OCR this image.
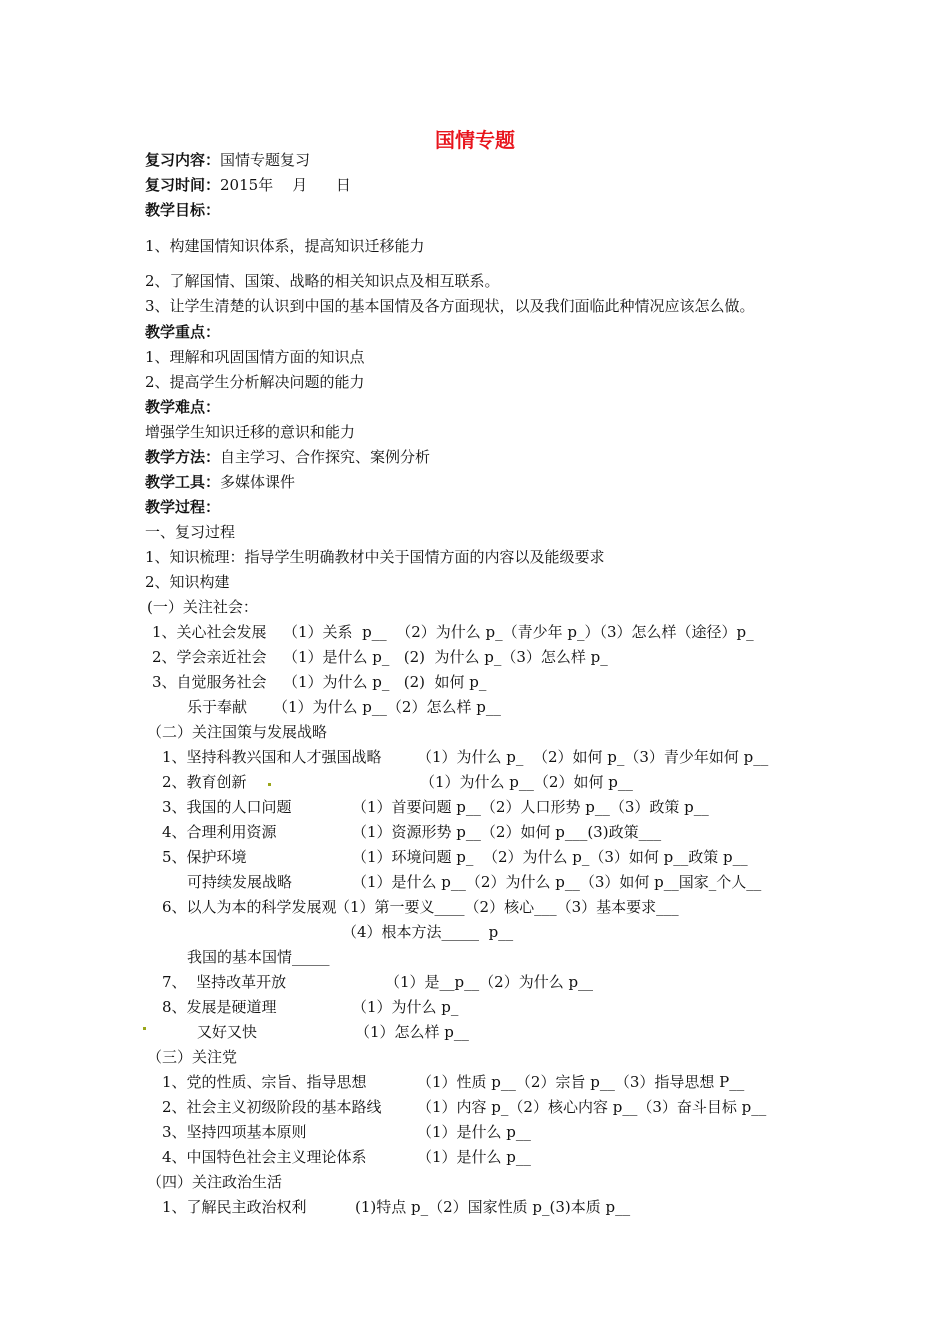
国情专题
复习内容：国情专题复习
复习时间：2015年    月      日
教学目标：
1、构建国情知识体系，提高知识迁移能力
2、了解国情、国策、战略的相关知识点及相互联系。
3、让学生清楚的认识到中国的基本国情及各方面现状，以及我们面临此种情况应该怎么做。
教学重点：
1、理解和巩固国情方面的知识点
2、提高学生分析解决问题的能力
教学难点：
增强学生知识迁移的意识和能力
教学方法：自主学习、合作探究、案例分析
教学工具：多媒体课件
教学过程：
一、复习过程
1、知识梳理：指导学生明确教材中关于国情方面的内容以及能级要求
2、知识构建
(一）关注社会：
1、关心社会发展 （1）关系  p__  （2）为什么 p_（青少年 p_）（3）怎么样（途径）p_
2、学会亲近社会 （1）是什么 p_   (2)  为什么 p_（3）怎么样 p_
3、自觉服务社会 （1）为什么 p_   (2)  如何 p_
乐于奉献 （1）为什么 p__（2）怎么样 p__
（二）关注国策与发展战略
1、坚持科教兴国和人才强国战略 （1）为什么 p_  （2）如何 p_（3）青少年如何 p__
2、教育创新	（1）为什么 p__（2）如何 p__
3、我国的人口问题	（1）首要问题 p__（2）人口形势 p__（3）政策 p__
4、合理利用资源	（1）资源形势 p__（2）如何 p___(3)政策___
5、保护环境	（1）环境问题 p_  （2）为什么 p_（3）如何 p__政策 p__
可持续发展战略	（1）是什么 p__（2）为什么 p__（3）如何 p__国家_个人__
6、以人为本的科学发展观
（1）第一要义____（2）核心___（3）基本要求___
（4）根本方法_____  p__
我国的基本国情_____
7、  坚持改革开放	（1）是__p__（2）为什么 p__
8、发展是硬道理	（1）为什么 p_
又好又快	（1）怎么样 p__
（三）关注党
1、党的性质、宗旨、指导思想	（1）性质 p__（2）宗旨 p__（3）指导思想 P__
2、社会主义初级阶段的基本路线 （1）内容 p_（2）核心内容 p__（3）奋斗目标 p__
3、坚持四项基本原则	（1）是什么 p__
4、中国特色社会主义理论体系	（1）是什么 p__
（四）关注政治生活
1、了解民主政治权利	(1)特点 p_（2）国家性质 p_(3)本质 p__
